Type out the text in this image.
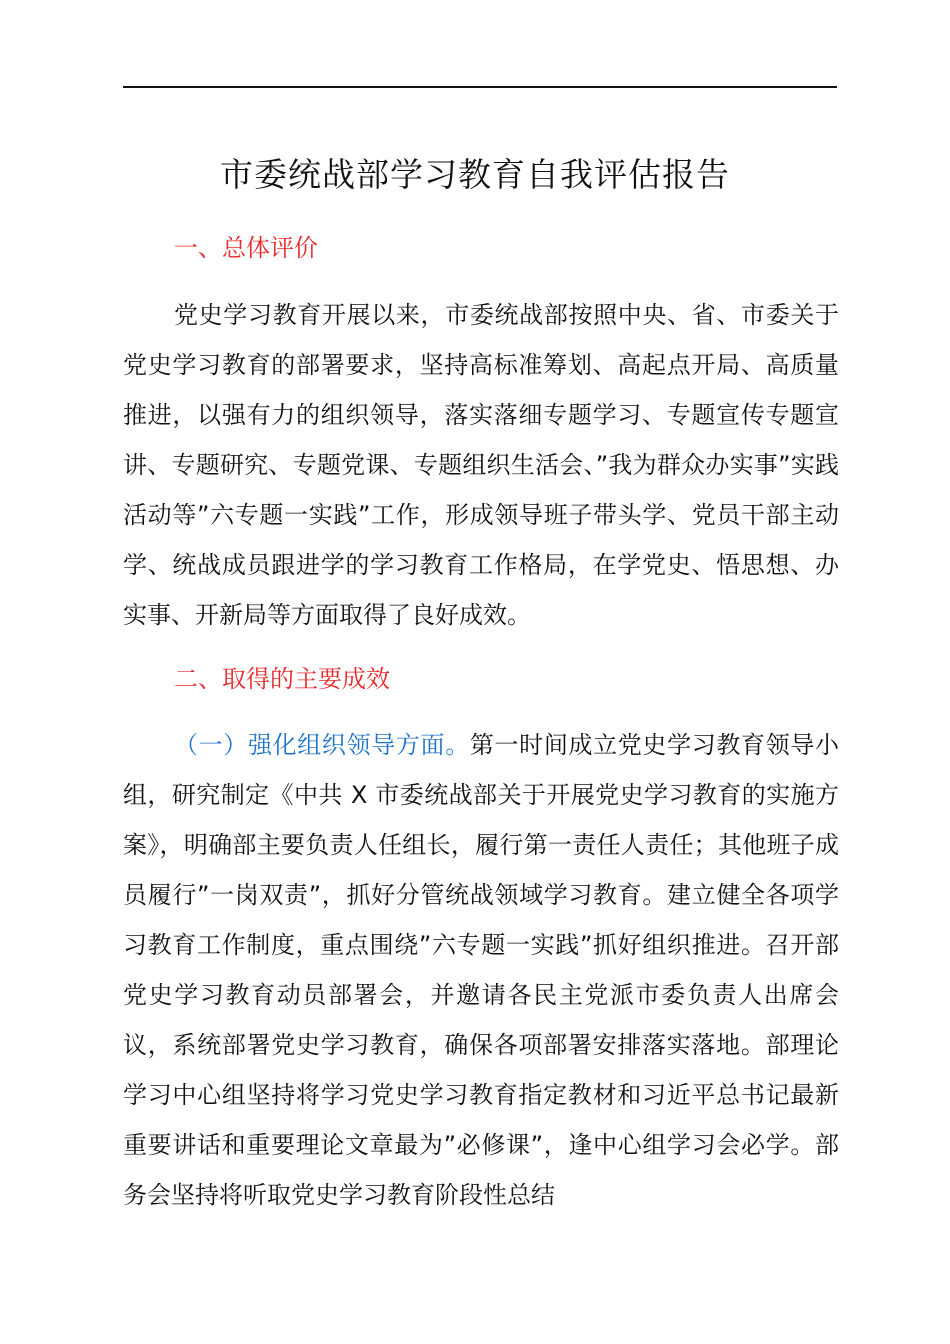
市委统战部学习教育自我评估报告
一、总体评价

党史学习教育开展以来，市委统战部按照中央、省、市委关于党史学习教育的部署要求，坚持高标准筹划、高起点开局、高质量推进，以强有力的组织领导，落实落细专题学习、专题宣传专题宣讲、专题研究、专题党课、专题组织生活会、”我为群众办实事”实践活动等”六专题一实践”工作，形成领导班子带头学、党员干部主动学、统战成员跟进学的学习教育工作格局，在学党史、悟思想、办实事、开新局等方面取得了良好成效。

二、取得的主要成效

（一）强化组织领导方面。第一时间成立党史学习教育领导小组，研究制定《中共 X 市委统战部关于开展党史学习教育的实施方案》，明确部主要负责人任组长，履行第一责任人责任；其他班子成员履行”一岗双责”，抓好分管统战领域学习教育。建立健全各项学习教育工作制度，重点围绕”六专题一实践”抓好组织推进。召开部党史学习教育动员部署会，并邀请各民主党派市委负责人出席会议，系统部署党史学习教育，确保各项部署安排落实落地。部理论学习中心组坚持将学习党史学习教育指定教材和习近平总书记最新重要讲话和重要理论文章最为”必修课”，逢中心组学习会必学。部务会坚持将听取党史学习教育阶段性总结
